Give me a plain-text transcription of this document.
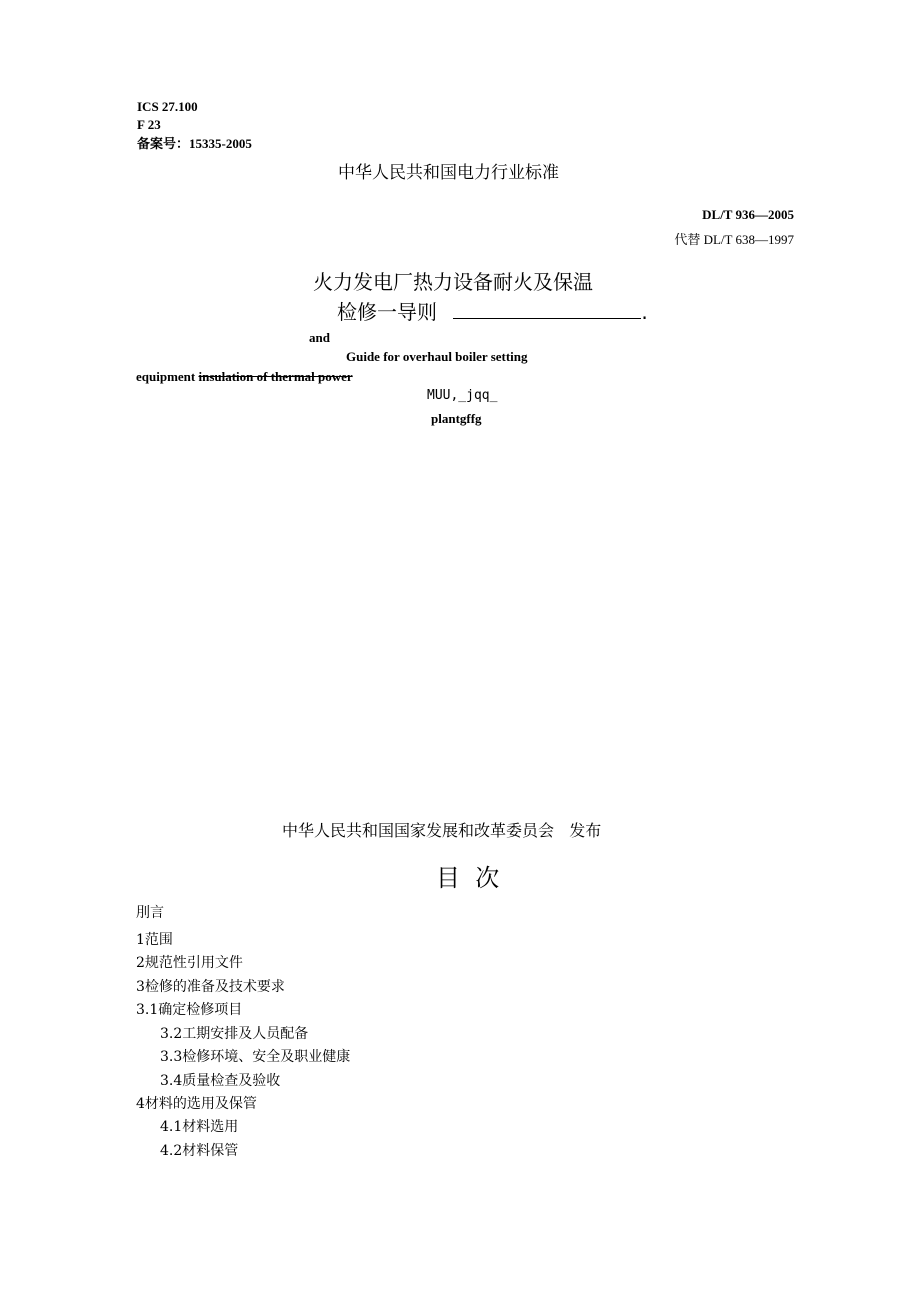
ICS 27.100
F 23
备案号：15335-2005
中华人民共和国电力行业标准
DL/T 936—2005
代替 DL/T 638—1997
火力发电厂热力设备耐火及保温
检修一导则	.
and
Guide for overhaul boiler setting
equipment insulation of thermal power
MUU,_jqq_
plantgffg
中华人民共和国国家发展和改革委员会   发布
目  次
刖言
1范围
2规范性引用文件
3检修的准备及技术要求
3.1确定检修项目
3.2工期安排及人员配备
3.3检修环境、安全及职业健康
3.4质量检查及验收
4材料的选用及保管
4.1材料选用
4.2材料保管
